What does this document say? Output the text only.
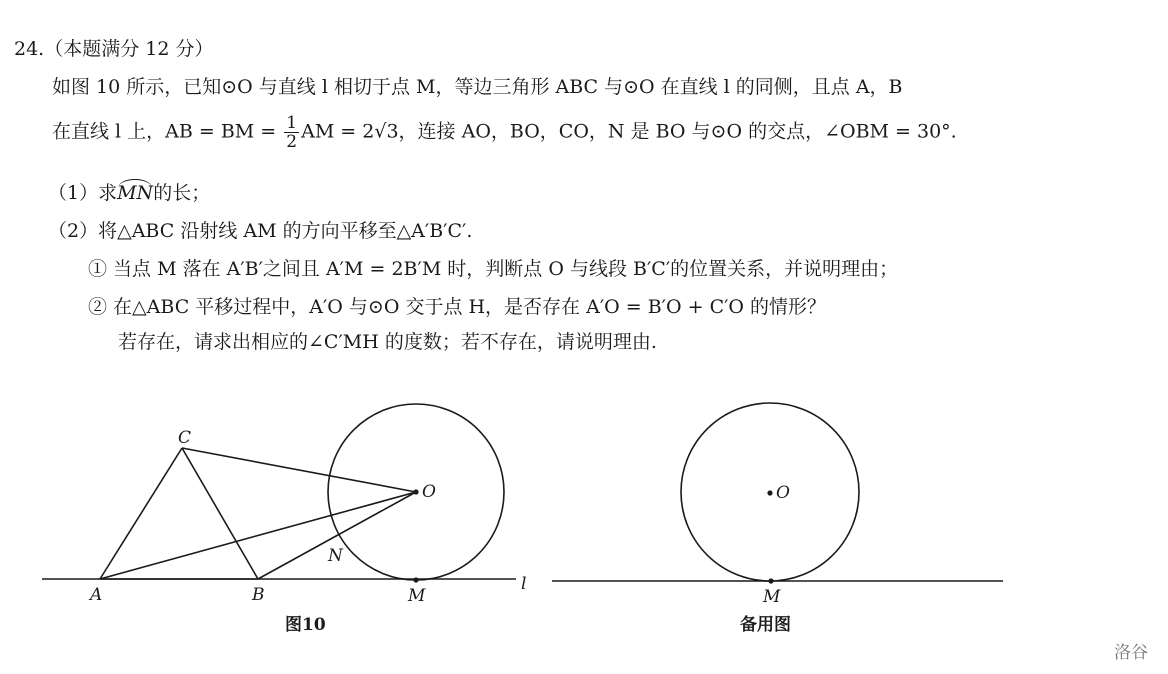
24.（本题满分 12 分）
如图 10 所示，已知⊙O 与直线 l 相切于点 M，等边三角形 ABC 与⊙O 在直线 l 的同侧，且点 A，B
在直线 l 上，AB = BM = $\frac{1}{2}$ AM = 2√3，连接 AO，BO，CO，N 是 BO 与⊙O 的交点，∠OBM = 30°.
（1）求MN的长；
（2）将△ABC 沿射线 AM 的方向平移至△A′B′C′.
① 当点 M 落在 A′B′之间且 A′M = 2B′M 时，判断点 O 与线段 B′C′的位置关系，并说明理由；
② 在△ABC 平移过程中，A′O 与⊙O 交于点 H，是否存在 A′O = B′O + C′O 的情形？
若存在，请求出相应的∠C′MH 的度数；若不存在，请说明理由.
C
O
N
A	B	M
l
图10
O
M
备用图
洛谷
